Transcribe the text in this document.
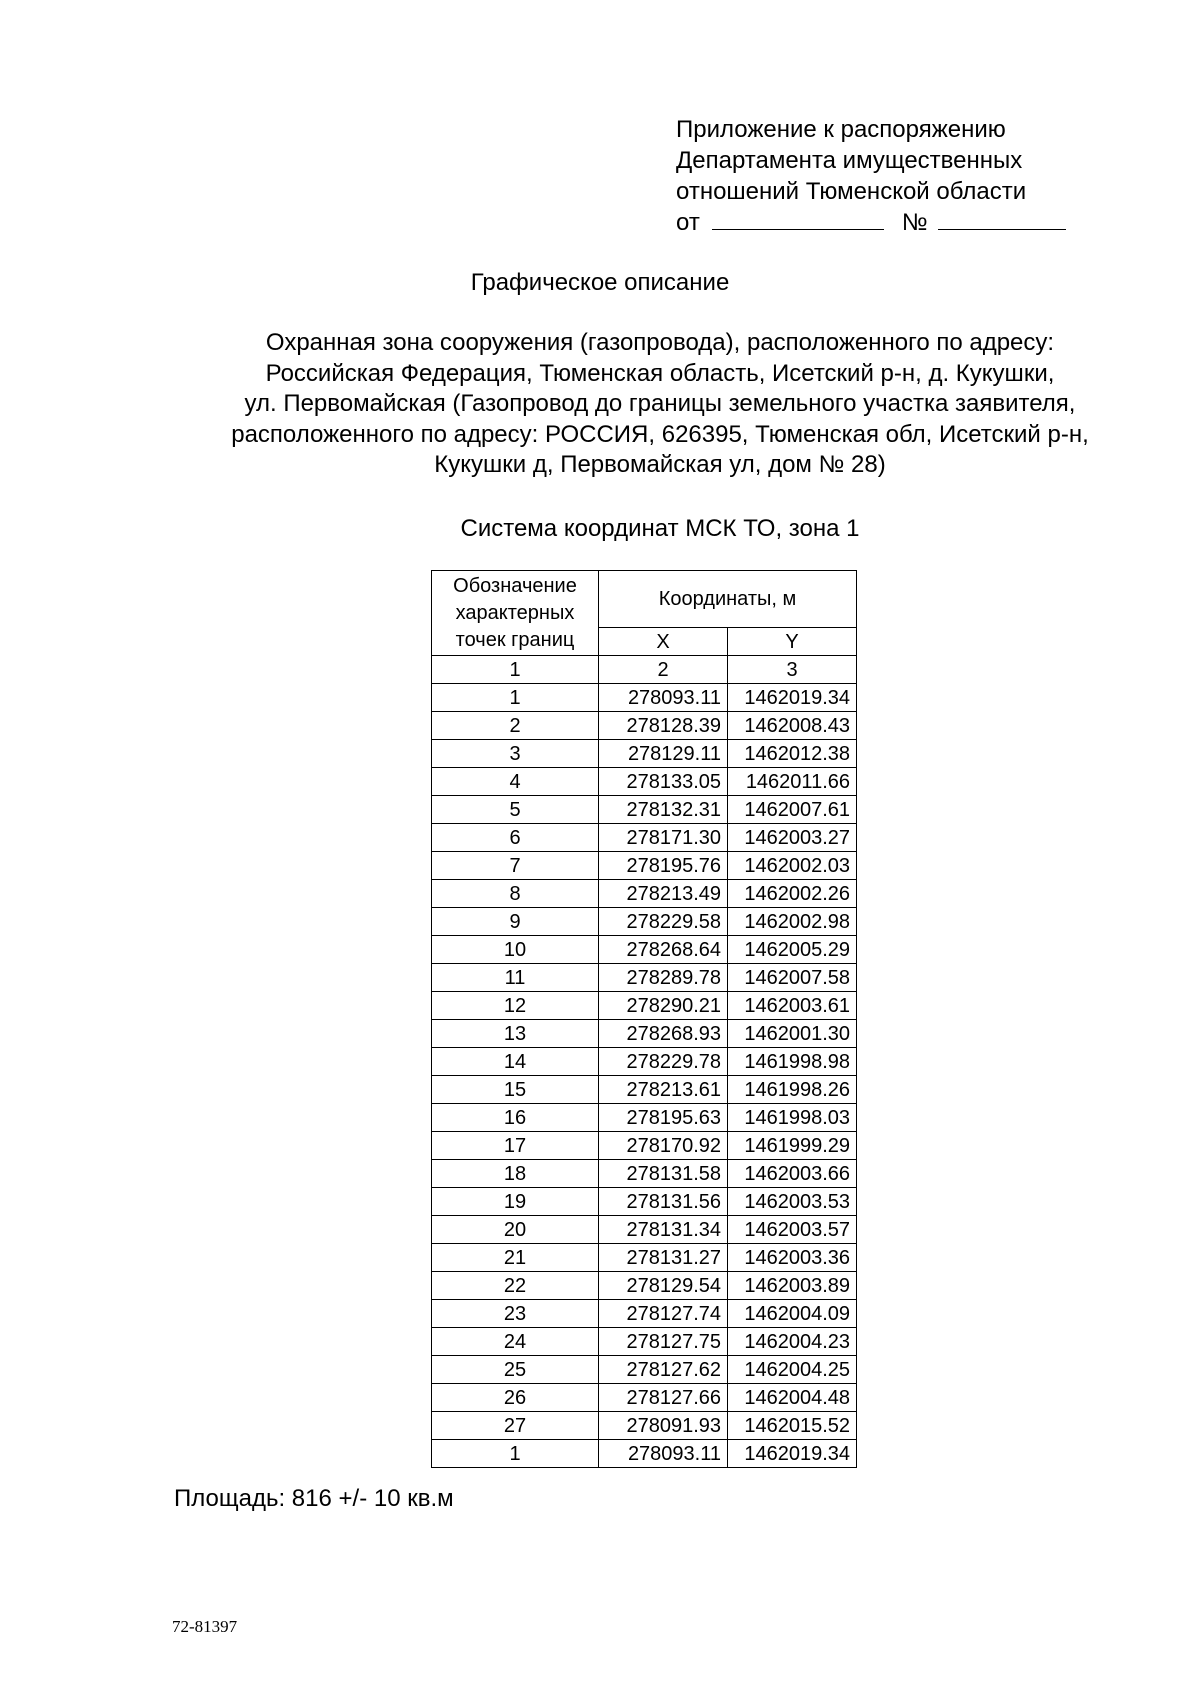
Приложение к распоряжению
Департамента имущественных
отношений Тюменской области
от	№
Графическое описание
Охранная зона сооружения (газопровода), расположенного по адресу:
Российская Федерация, Тюменская область, Исетский р-н, д. Кукушки,
ул. Первомайская (Газопровод до границы земельного участка заявителя,
расположенного по адресу: РОССИЯ, 626395, Тюменская обл, Исетский р-н,
Кукушки д, Первомайская ул, дом № 28)
Система координат МСК ТО, зона 1
Обозначение
характерных
точек границ	Координаты, м	
	X	Y
1	2	3
1	278093.11	1462019.34
2	278128.39	1462008.43
3	278129.11	1462012.38
4	278133.05	1462011.66
5	278132.31	1462007.61
6	278171.30	1462003.27
7	278195.76	1462002.03
8	278213.49	1462002.26
9	278229.58	1462002.98
10	278268.64	1462005.29
11	278289.78	1462007.58
12	278290.21	1462003.61
13	278268.93	1462001.30
14	278229.78	1461998.98
15	278213.61	1461998.26
16	278195.63	1461998.03
17	278170.92	1461999.29
18	278131.58	1462003.66
19	278131.56	1462003.53
20	278131.34	1462003.57
21	278131.27	1462003.36
22	278129.54	1462003.89
23	278127.74	1462004.09
24	278127.75	1462004.23
25	278127.62	1462004.25
26	278127.66	1462004.48
27	278091.93	1462015.52
1	278093.11	1462019.34
Площадь: 816 +/- 10 кв.м
72-81397
